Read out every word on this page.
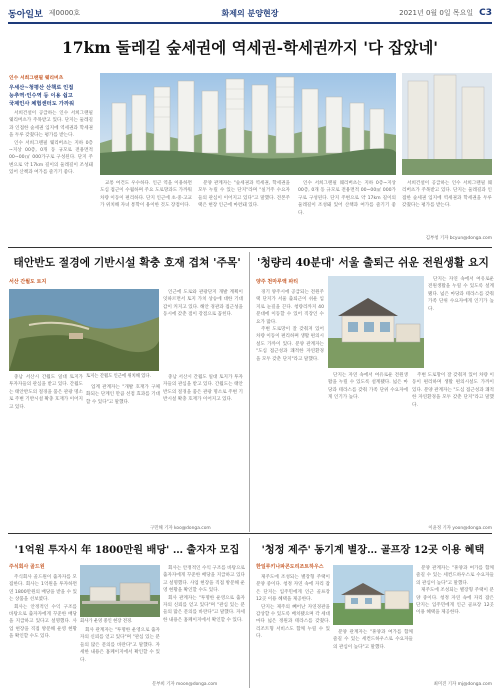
동아일보 제0000호	화제의 분양현장	2021년 0월 0일 목요일 C3
17km 둘레길 숲세권에 역세권-학세권까지 '다 잡았네'
인수 서희그랜필 웨리버츠
우세산~청평산 산책로 인접
능추역·인수역 등 이용 쉽고
국제인사 체험센터도 가까워

서희건설이 공급하는 인수 서희그랜필 웨리버츠가 주목받고 있다. 단지는 둘레길과 인접한 숲세권 입지에 역세권과 학세권을 두루 갖췄다는 평가를 받는다.

인수 서희그랜필 웨리버츠는 지하 0층~지상 00층, 0개 동 규모로 전용면적 00~00㎡ 000가구로 구성된다. 단지 주변으로 약 17km 길이의 둘레길이 조성돼 있어 산책과 여가를 즐기기 좋다.

교통 여건도 우수하다. 인근 역을 이용하면 도심 접근이 수월하며 주요 도로망과도 가까워 차량 이동이 편리하다. 단지 인근에 초·중·고교가 위치해 자녀 통학이 용이한 것도 장점이다.

분양 관계자는 "숲세권과 역세권, 학세권을 모두 누릴 수 있는 단지"라며 "실거주 수요자들의 관심이 이어지고 있다"고 말했다. 견본주택은 현장 인근에 마련돼 있다.

인수 서희그랜필 웨리버츠는 지하 0층~지상 00층, 0개 동 규모로 전용면적 00~00㎡ 000가구로 구성된다. 단지 주변으로 약 17km 길이의 둘레길이 조성돼 있어 산책과 여가를 즐기기 좋다.

서희건설이 공급하는 인수 서희그랜필 웨리버츠가 주목받고 있다. 단지는 둘레길과 인접한 숲세권 입지에 역세권과 학세권을 두루 갖췄다는 평가를 받는다.

김부청 기자 bcyun@donga.com
태안반도 절경에 기반시설 확충 호재 겹쳐 '주목'
서산 간월도 토지

인근에 도로와 관광단지 개발 계획이 잇따르면서 토지 가치 상승에 대한 기대감이 커지고 있다. 해안 경관과 접근성을 동시에 갖춘 점이 강점으로 꼽힌다.

충남 서산시 간월도 일대 토지가 투자자들의 관심을 받고 있다. 간월도는 태안반도의 절경을 품은 관광 명소로 주변 기반시설 확충 호재가 이어지고 있다.

토지는 간월도 인근에 위치해 있다.

업계 관계자는 "개발 호재가 구체화되는 단계인 만큼 선점 효과를 기대할 수 있다"고 말했다.

충남 서산시 간월도 일대 토지가 투자자들의 관심을 받고 있다. 간월도는 태안반도의 절경을 품은 관광 명소로 주변 기반시설 확충 호재가 이어지고 있다.

구민해 기자 koo@donga.com
'청량리 40분대' 서울 출퇴근 쉬운 전원생활 요지
양주 천마루액 파티

경기 양주시에 공급되는 전원주택 단지가 서울 출퇴근이 쉬운 입지로 눈길을 끈다. 청량리까지 40분대에 이동할 수 있어 직장인 수요가 많다.

주변 도로망이 잘 갖춰져 있어 차량 이동이 편리하며 생활 편의시설도 가까이 있다. 분양 관계자는 "도심 접근성과 쾌적한 자연환경을 모두 갖춘 단지"라고 말했다.

단지는 자연 속에서 여유로운 전원생활을 누릴 수 있도록 설계됐다. 넓은 마당과 테라스를 갖춰 가족 단위 수요자에게 인기가 높다.

단지는 자연 속에서 여유로운 전원생활을 누릴 수 있도록 설계됐다. 넓은 마당과 테라스를 갖춰 가족 단위 수요자에게 인기가 높다.

주변 도로망이 잘 갖춰져 있어 차량 이동이 편리하며 생활 편의시설도 가까이 있다. 분양 관계자는 "도심 접근성과 쾌적한 자연환경을 모두 갖춘 단지"라고 말했다.

이윤정 기자 yoon@donga.com
'1억원 투자시 年 1800만원 배당' … 출자자 모집
주식회사 골드원

주식회사 골드원이 출자자를 모집한다. 회사는 1억원을 투자하면 연 1800만원의 배당을 받을 수 있는 상품을 선보였다.

회사는 안정적인 수익 구조를 바탕으로 출자자에게 꾸준한 배당을 지급하고 있다고 설명했다. 사업 현장을 직접 방문해 운영 현황을 확인할 수도 있다.

회사가 운영 중인 현장 전경.

회사 관계자는 "투명한 운영으로 출자자의 신뢰를 얻고 있다"며 "관심 있는 분들의 많은 문의를 바란다"고 말했다. 자세한 내용은 홈페이지에서 확인할 수 있다.

회사는 안정적인 수익 구조를 바탕으로 출자자에게 꾸준한 배당을 지급하고 있다고 설명했다. 사업 현장을 직접 방문해 운영 현황을 확인할 수도 있다.

회사 관계자는 "투명한 운영으로 출자자의 신뢰를 얻고 있다"며 "관심 있는 분들의 많은 문의를 바란다"고 말했다. 자세한 내용은 홈페이지에서 확인할 수 있다.

문부희 기자 moon@donga.com
'청정 제주' 동기계 별장… 골프장 12곳 이용 혜택
한일루키나파콘도리조트하우스

제주도에 조성되는 별장형 주택이 분양 중이다. 청정 자연 속에 자리 잡은 단지는 입주민에게 인근 골프장 12곳 이용 혜택을 제공한다.

단지는 제주의 빼어난 자연경관을 감상할 수 있도록 배치됐으며 각 세대마다 넓은 정원과 테라스를 갖췄다. 리조트형 서비스도 함께 누릴 수 있다.

분양 관계자는 "휴양과 여가를 함께 즐길 수 있는 세컨드하우스로 수요자들의 관심이 높다"고 말했다.

분양 관계자는 "휴양과 여가를 함께 즐길 수 있는 세컨드하우스로 수요자들의 관심이 높다"고 말했다.

제주도에 조성되는 별장형 주택이 분양 중이다. 청정 자연 속에 자리 잡은 단지는 입주민에게 인근 골프장 12곳 이용 혜택을 제공한다.

최미진 기자 mj@donga.com
